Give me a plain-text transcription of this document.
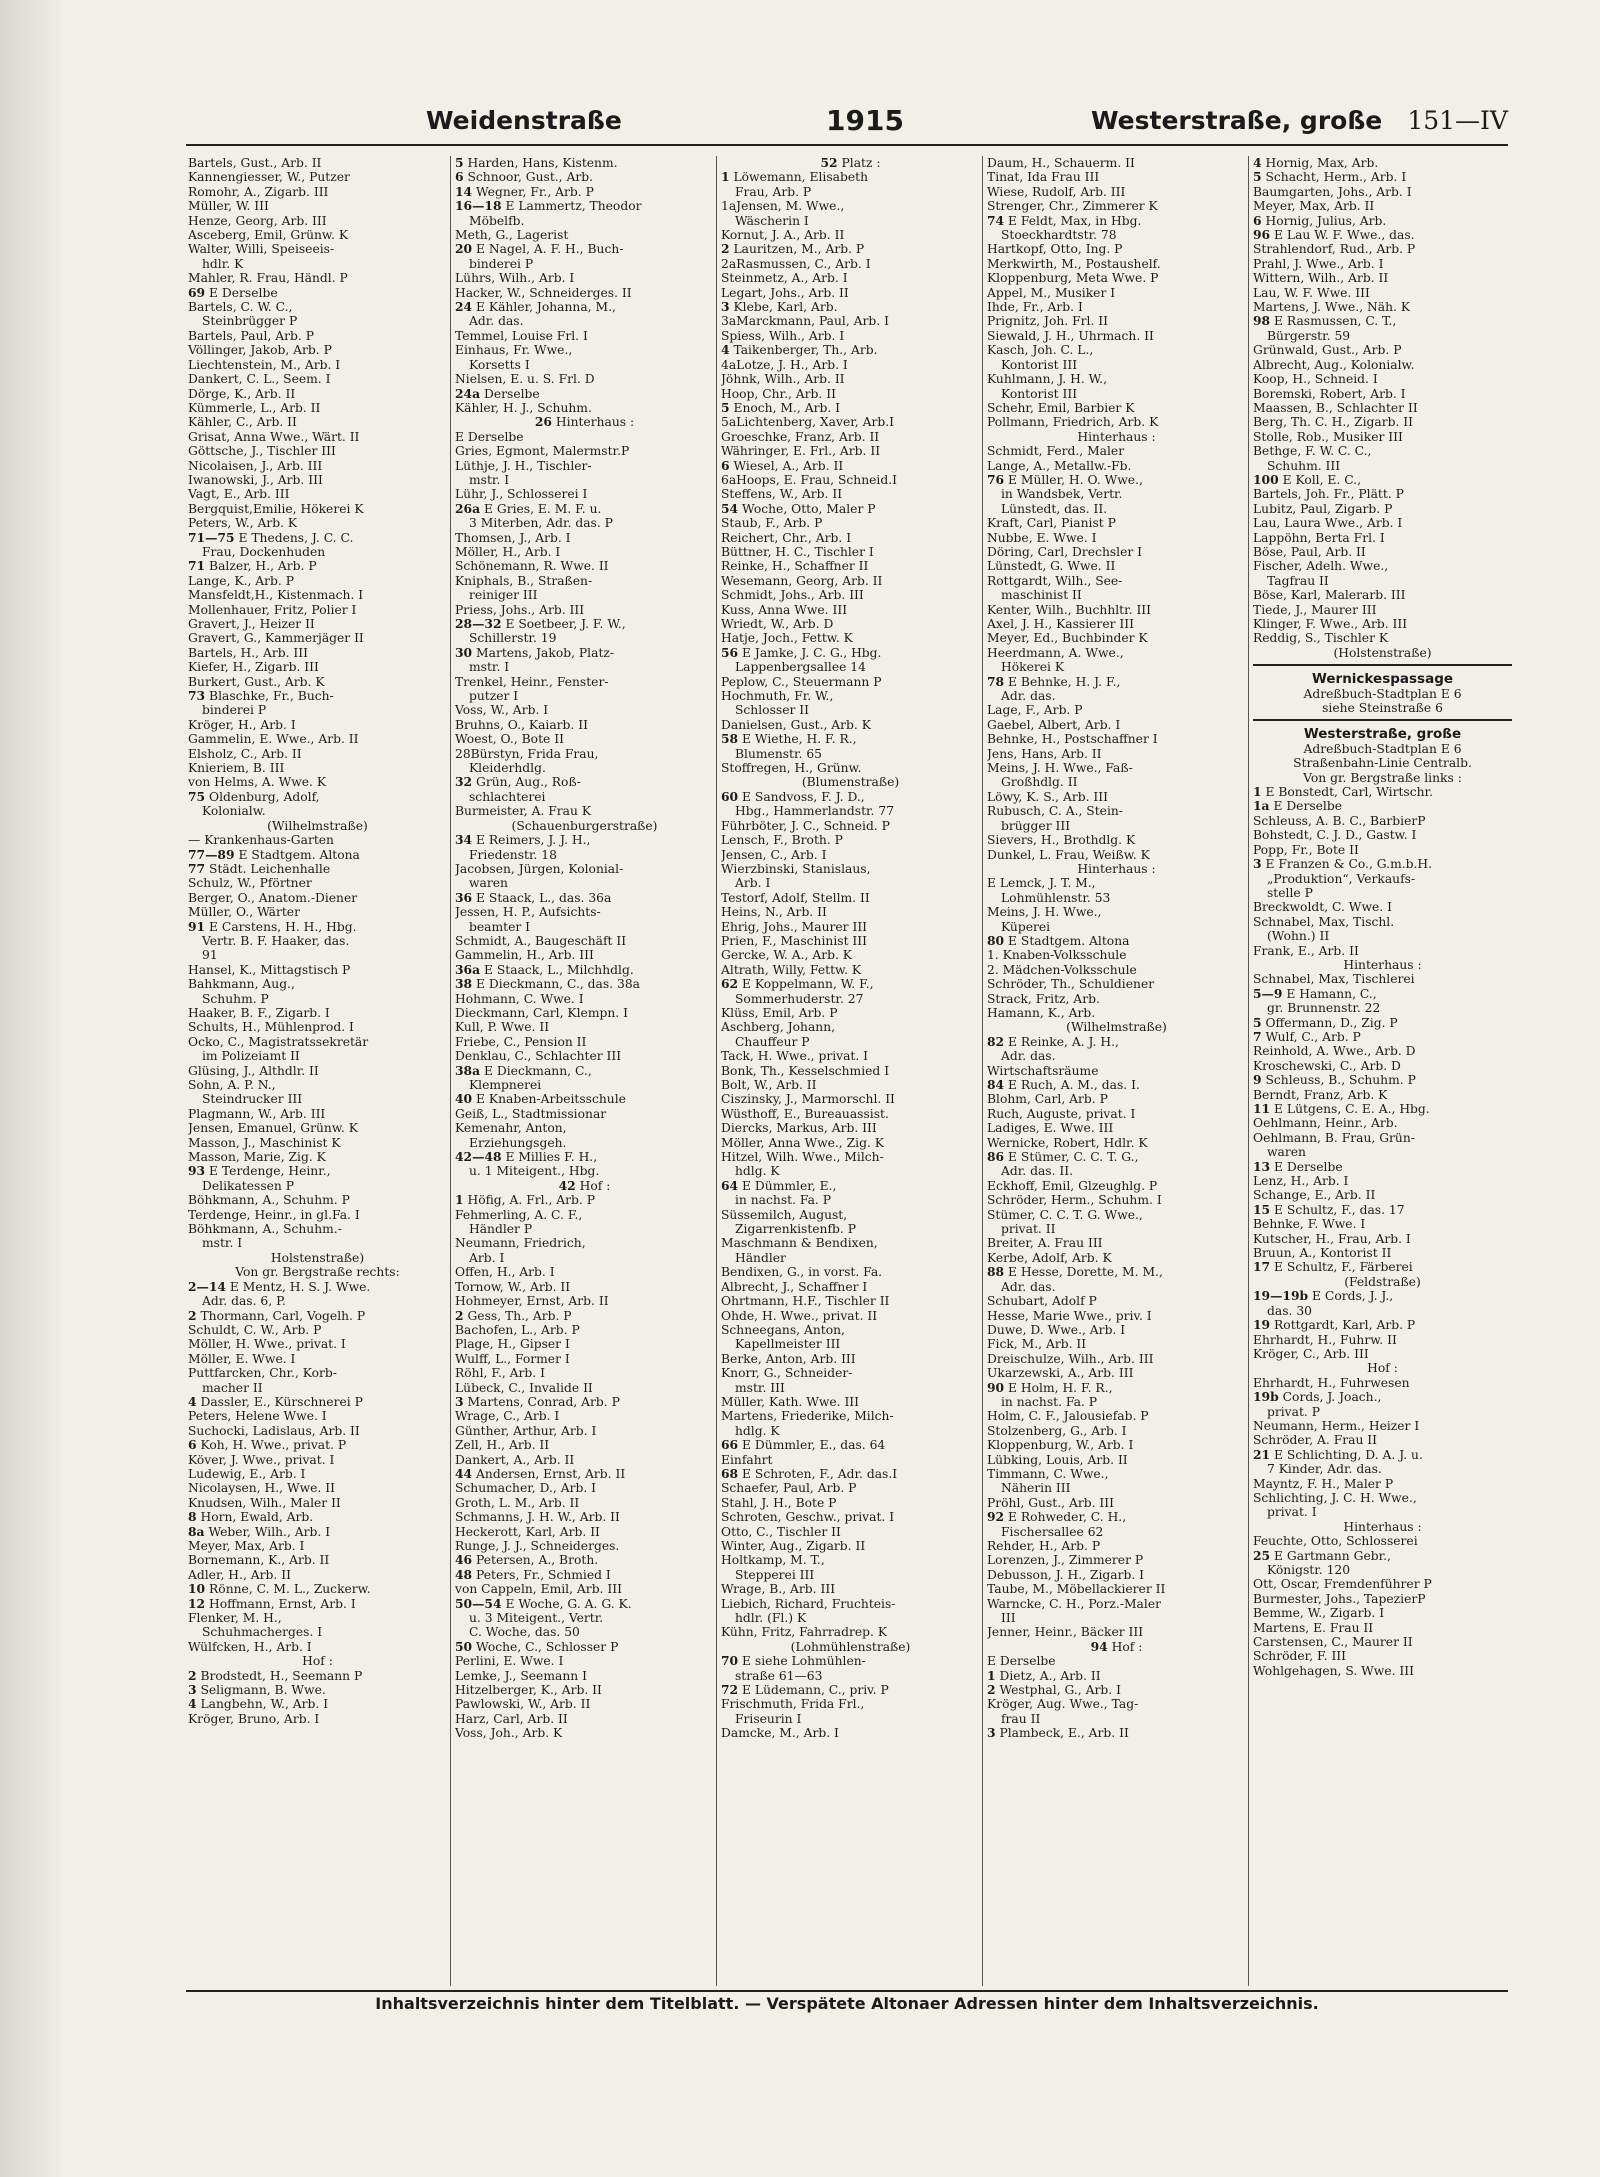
Weidenstraße	1915	Westerstraße, große 151—IV
Bartels, Gust., Arb. II
Kannengiesser, W., Putzer
Romohr, A., Zigarb. III
Müller, W. III
Henze, Georg, Arb. III
Asceberg, Emil, Grünw. K
Walter, Willi, Speiseeis-
hdlr. K
Mahler, R. Frau, Händl. P
69 E Derselbe
Bartels, C. W. C.,
Steinbrügger P
Bartels, Paul, Arb. P
Völlinger, Jakob, Arb. P
Liechtenstein, M., Arb. I
Dankert, C. L., Seem. I
Dörge, K., Arb. II
Kümmerle, L., Arb. II
Kähler, C., Arb. II
Grisat, Anna Wwe., Wärt. II
Göttsche, J., Tischler III
Nicolaisen, J., Arb. III
Iwanowski, J., Arb. III
Vagt, E., Arb. III
Bergquist,Emilie, Hökerei K
Peters, W., Arb. K
71—75 E Thedens, J. C. C.
Frau, Dockenhuden
71 Balzer, H., Arb. P
Lange, K., Arb. P
Mansfeldt,H., Kistenmach. I
Mollenhauer, Fritz, Polier I
Gravert, J., Heizer II
Gravert, G., Kammerjäger II
Bartels, H., Arb. III
Kiefer, H., Zigarb. III
Burkert, Gust., Arb. K
73 Blaschke, Fr., Buch-
binderei P
Kröger, H., Arb. I
Gammelin, E. Wwe., Arb. II
Elsholz, C., Arb. II
Knieriem, B. III
von Helms, A. Wwe. K
75 Oldenburg, Adolf,
Kolonialw.
(Wilhelmstraße)
— Krankenhaus-Garten
77—89 E Stadtgem. Altona
77 Städt. Leichenhalle
Schulz, W., Pförtner
Berger, O., Anatom.-Diener
Müller, O., Wärter
91 E Carstens, H. H., Hbg.
Vertr. B. F. Haaker, das.
91
Hansel, K., Mittagstisch P
Bahkmann, Aug.,
Schuhm. P
Haaker, B. F., Zigarb. I
Schults, H., Mühlenprod. I
Ocko, C., Magistratssekretär
im Polizeiamt II
Glüsing, J., Althdlr. II
Sohn, A. P. N.,
Steindrucker III
Plagmann, W., Arb. III
Jensen, Emanuel, Grünw. K
Masson, J., Maschinist K
Masson, Marie, Zig. K
93 E Terdenge, Heinr.,
Delikatessen P
Böhkmann, A., Schuhm. P
Terdenge, Heinr., in gl.Fa. I
Böhkmann, A., Schuhm.-
mstr. I
Holstenstraße)
Von gr. Bergstraße rechts:
2—14 E Mentz, H. S. J. Wwe.
Adr. das. 6, P.
2 Thormann, Carl, Vogelh. P
Schuldt, C. W., Arb. P
Möller, H. Wwe., privat. I
Möller, E. Wwe. I
Puttfarcken, Chr., Korb-
macher II
4 Dassler, E., Kürschnerei P
Peters, Helene Wwe. I
Suchocki, Ladislaus, Arb. II
6 Koh, H. Wwe., privat. P
Köver, J. Wwe., privat. I
Ludewig, E., Arb. I
Nicolaysen, H., Wwe. II
Knudsen, Wilh., Maler II
8 Horn, Ewald, Arb.
8a Weber, Wilh., Arb. I
Meyer, Max, Arb. I
Bornemann, K., Arb. II
Adler, H., Arb. II
10 Rönne, C. M. L., Zuckerw.
12 Hoffmann, Ernst, Arb. I
Flenker, M. H.,
Schuhmacherges. I
Wülfcken, H., Arb. I
Hof :
2 Brodstedt, H., Seemann P
3 Seligmann, B. Wwe.
4 Langbehn, W., Arb. I
Kröger, Bruno, Arb. I
5 Harden, Hans, Kistenm.
6 Schnoor, Gust., Arb.
14 Wegner, Fr., Arb. P
16—18 E Lammertz, Theodor
Möbelfb.
Meth, G., Lagerist
20 E Nagel, A. F. H., Buch-
binderei P
Lührs, Wilh., Arb. I
Hacker, W., Schneiderges. II
24 E Kähler, Johanna, M.,
Adr. das.
Temmel, Louise Frl. I
Einhaus, Fr. Wwe.,
Korsetts I
Nielsen, E. u. S. Frl. D
24a Derselbe
Kähler, H. J., Schuhm.
26 Hinterhaus :
E Derselbe
Gries, Egmont, Malermstr.P
Lüthje, J. H., Tischler-
mstr. I
Lühr, J., Schlosserei I
26a E Gries, E. M. F. u.
3 Miterben, Adr. das. P
Thomsen, J., Arb. I
Möller, H., Arb. I
Schönemann, R. Wwe. II
Kniphals, B., Straßen-
reiniger III
Priess, Johs., Arb. III
28—32 E Soetbeer, J. F. W.,
Schillerstr. 19
30 Martens, Jakob, Platz-
mstr. I
Trenkel, Heinr., Fenster-
putzer I
Voss, W., Arb. I
Bruhns, O., Kaiarb. II
Woest, O., Bote II
28Bürstyn, Frida Frau,
Kleiderhdlg.
32 Grün, Aug., Roß-
schlachterei
Burmeister, A. Frau K
(Schauenburgerstraße)
34 E Reimers, J. J. H.,
Friedenstr. 18
Jacobsen, Jürgen, Kolonial-
waren
36 E Staack, L., das. 36a
Jessen, H. P., Aufsichts-
beamter I
Schmidt, A., Baugeschäft II
Gammelin, H., Arb. III
36a E Staack, L., Milchhdlg.
38 E Dieckmann, C., das. 38a
Hohmann, C. Wwe. I
Dieckmann, Carl, Klempn. I
Kull, P. Wwe. II
Friebe, C., Pension II
Denklau, C., Schlachter III
38a E Dieckmann, C.,
Klempnerei
40 E Knaben-Arbeitsschule
Geiß, L., Stadtmissionar
Kemenahr, Anton,
Erziehungsgeh.
42—48 E Millies F. H.,
u. 1 Miteigent., Hbg.
42 Hof :
1 Höfig, A. Frl., Arb. P
Fehmerling, A. C. F.,
Händler P
Neumann, Friedrich,
Arb. I
Offen, H., Arb. I
Tornow, W., Arb. II
Hohmeyer, Ernst, Arb. II
2 Gess, Th., Arb. P
Bachofen, L., Arb. P
Plage, H., Gipser I
Wulff, L., Former I
Röhl, F., Arb. I
Lübeck, C., Invalide II
3 Martens, Conrad, Arb. P
Wrage, C., Arb. I
Günther, Arthur, Arb. I
Zell, H., Arb. II
Dankert, A., Arb. II
44 Andersen, Ernst, Arb. II
Schumacher, D., Arb. I
Groth, L. M., Arb. II
Schmanns, J. H. W., Arb. II
Heckerott, Karl, Arb. II
Runge, J. J., Schneiderges.
46 Petersen, A., Broth.
48 Peters, Fr., Schmied I
von Cappeln, Emil, Arb. III
50—54 E Woche, G. A. G. K.
u. 3 Miteigent., Vertr.
C. Woche, das. 50
50 Woche, C., Schlosser P
Perlini, E. Wwe. I
Lemke, J., Seemann I
Hitzelberger, K., Arb. II
Pawlowski, W., Arb. II
Harz, Carl, Arb. II
Voss, Joh., Arb. K
52 Platz :
1 Löwemann, Elisabeth
Frau, Arb. P
1aJensen, M. Wwe.,
Wäscherin I
Kornut, J. A., Arb. II
2 Lauritzen, M., Arb. P
2aRasmussen, C., Arb. I
Steinmetz, A., Arb. I
Legart, Johs., Arb. II
3 Klebe, Karl, Arb.
3aMarckmann, Paul, Arb. I
Spiess, Wilh., Arb. I
4 Taikenberger, Th., Arb.
4aLotze, J. H., Arb. I
Jöhnk, Wilh., Arb. II
Hoop, Chr., Arb. II
5 Enoch, M., Arb. I
5aLichtenberg, Xaver, Arb.I
Groeschke, Franz, Arb. II
Währinger, E. Frl., Arb. II
6 Wiesel, A., Arb. II
6aHoops, E. Frau, Schneid.I
Steffens, W., Arb. II
54 Woche, Otto, Maler P
Staub, F., Arb. P
Reichert, Chr., Arb. I
Büttner, H. C., Tischler I
Reinke, H., Schaffner II
Wesemann, Georg, Arb. II
Schmidt, Johs., Arb. III
Kuss, Anna Wwe. III
Wriedt, W., Arb. D
Hatje, Joch., Fettw. K
56 E Jamke, J. C. G., Hbg.
Lappenbergsallee 14
Peplow, C., Steuermann P
Hochmuth, Fr. W.,
Schlosser II
Danielsen, Gust., Arb. K
58 E Wiethe, H. F. R.,
Blumenstr. 65
Stoffregen, H., Grünw.
(Blumenstraße)
60 E Sandvoss, F. J. D.,
Hbg., Hammerlandstr. 77
Führböter, J. C., Schneid. P
Lensch, F., Broth. P
Jensen, C., Arb. I
Wierzbinski, Stanislaus,
Arb. I
Testorf, Adolf, Stellm. II
Heins, N., Arb. II
Ehrig, Johs., Maurer III
Prien, F., Maschinist III
Gercke, W. A., Arb. K
Altrath, Willy, Fettw. K
62 E Koppelmann, W. F.,
Sommerhuderstr. 27
Klüss, Emil, Arb. P
Aschberg, Johann,
Chauffeur P
Tack, H. Wwe., privat. I
Bonk, Th., Kesselschmied I
Bolt, W., Arb. II
Ciszinsky, J., Marmorschl. II
Wüsthoff, E., Bureauassist.
Diercks, Markus, Arb. III
Möller, Anna Wwe., Zig. K
Hitzel, Wilh. Wwe., Milch-
hdlg. K
64 E Dümmler, E.,
in nachst. Fa. P
Süssemilch, August,
Zigarrenkistenfb. P
Maschmann & Bendixen,
Händler
Bendixen, G., in vorst. Fa.
Albrecht, J., Schaffner I
Ohrtmann, H.F., Tischler II
Ohde, H. Wwe., privat. II
Schneegans, Anton,
Kapellmeister III
Berke, Anton, Arb. III
Knorr, G., Schneider-
mstr. III
Müller, Kath. Wwe. III
Martens, Friederike, Milch-
hdlg. K
66 E Dümmler, E., das. 64
Einfahrt
68 E Schroten, F., Adr. das.I
Schaefer, Paul, Arb. P
Stahl, J. H., Bote P
Schroten, Geschw., privat. I
Otto, C., Tischler II
Winter, Aug., Zigarb. II
Holtkamp, M. T.,
Stepperei III
Wrage, B., Arb. III
Liebich, Richard, Fruchteis-
hdlr. (Fl.) K
Kühn, Fritz, Fahrradrep. K
(Lohmühlenstraße)
70 E siehe Lohmühlen-
straße 61—63
72 E Lüdemann, C., priv. P
Frischmuth, Frida Frl.,
Friseurin I
Damcke, M., Arb. I
Daum, H., Schauerm. II
Tinat, Ida Frau III
Wiese, Rudolf, Arb. III
Strenger, Chr., Zimmerer K
74 E Feldt, Max, in Hbg.
Stoeckhardtstr. 78
Hartkopf, Otto, Ing. P
Merkwirth, M., Postaushelf.
Kloppenburg, Meta Wwe. P
Appel, M., Musiker I
Ihde, Fr., Arb. I
Prignitz, Joh. Frl. II
Siewald, J. H., Uhrmach. II
Kasch, Joh. C. L.,
Kontorist III
Kuhlmann, J. H. W.,
Kontorist III
Schehr, Emil, Barbier K
Pollmann, Friedrich, Arb. K
Hinterhaus :
Schmidt, Ferd., Maler
Lange, A., Metallw.-Fb.
76 E Müller, H. O. Wwe.,
in Wandsbek, Vertr.
Lünstedt, das. II.
Kraft, Carl, Pianist P
Nubbe, E. Wwe. I
Döring, Carl, Drechsler I
Lünstedt, G. Wwe. II
Rottgardt, Wilh., See-
maschinist II
Kenter, Wilh., Buchhltr. III
Axel, J. H., Kassierer III
Meyer, Ed., Buchbinder K
Heerdmann, A. Wwe.,
Hökerei K
78 E Behnke, H. J. F.,
Adr. das.
Lage, F., Arb. P
Gaebel, Albert, Arb. I
Behnke, H., Postschaffner I
Jens, Hans, Arb. II
Meins, J. H. Wwe., Faß-
Großhdlg. II
Löwy, K. S., Arb. III
Rubusch, C. A., Stein-
brügger III
Sievers, H., Brothdlg. K
Dunkel, L. Frau, Weißw. K
Hinterhaus :
E Lemck, J. T. M.,
Lohmühlenstr. 53
Meins, J. H. Wwe.,
Küperei
80 E Stadtgem. Altona
1. Knaben-Volksschule
2. Mädchen-Volksschule
Schröder, Th., Schuldiener
Strack, Fritz, Arb.
Hamann, K., Arb.
(Wilhelmstraße)
82 E Reinke, A. J. H.,
Adr. das.
Wirtschaftsräume
84 E Ruch, A. M., das. I.
Blohm, Carl, Arb. P
Ruch, Auguste, privat. I
Ladiges, E. Wwe. III
Wernicke, Robert, Hdlr. K
86 E Stümer, C. C. T. G.,
Adr. das. II.
Eckhoff, Emil, Glzeughlg. P
Schröder, Herm., Schuhm. I
Stümer, C. C. T. G. Wwe.,
privat. II
Breiter, A. Frau III
Kerbe, Adolf, Arb. K
88 E Hesse, Dorette, M. M.,
Adr. das.
Schubart, Adolf P
Hesse, Marie Wwe., priv. I
Duwe, D. Wwe., Arb. I
Fick, M., Arb. II
Dreischulze, Wilh., Arb. III
Ukarzewski, A., Arb. III
90 E Holm, H. F. R.,
in nachst. Fa. P
Holm, C. F., Jalousiefab. P
Stolzenberg, G., Arb. I
Kloppenburg, W., Arb. I
Lübking, Louis, Arb. II
Timmann, C. Wwe.,
Näherin III
Pröhl, Gust., Arb. III
92 E Rohweder, C. H.,
Fischersallee 62
Rehder, H., Arb. P
Lorenzen, J., Zimmerer P
Debusson, J. H., Zigarb. I
Taube, M., Möbellackierer II
Warncke, C. H., Porz.-Maler
III
Jenner, Heinr., Bäcker III
94 Hof :
E Derselbe
1 Dietz, A., Arb. II
2 Westphal, G., Arb. I
Kröger, Aug. Wwe., Tag-
frau II
3 Plambeck, E., Arb. II
4 Hornig, Max, Arb.
5 Schacht, Herm., Arb. I
Baumgarten, Johs., Arb. I
Meyer, Max, Arb. II
6 Hornig, Julius, Arb.
96 E Lau W. F. Wwe., das.
Strahlendorf, Rud., Arb. P
Prahl, J. Wwe., Arb. I
Wittern, Wilh., Arb. II
Lau, W. F. Wwe. III
Martens, J. Wwe., Näh. K
98 E Rasmussen, C. T.,
Bürgerstr. 59
Grünwald, Gust., Arb. P
Albrecht, Aug., Kolonialw.
Koop, H., Schneid. I
Boremski, Robert, Arb. I
Maassen, B., Schlachter II
Berg, Th. C. H., Zigarb. II
Stolle, Rob., Musiker III
Bethge, F. W. C. C.,
Schuhm. III
100 E Koll, E. C.,
Bartels, Joh. Fr., Plätt. P
Lubitz, Paul, Zigarb. P
Lau, Laura Wwe., Arb. I
Lappöhn, Berta Frl. I
Böse, Paul, Arb. II
Fischer, Adelh. Wwe.,
Tagfrau II
Böse, Karl, Malerarb. III
Tiede, J., Maurer III
Klinger, F. Wwe., Arb. III
Reddig, S., Tischler K
(Holstenstraße)
Wernickespassage
Adreßbuch-Stadtplan E 6
siehe Steinstraße 6
Westerstraße, große
Adreßbuch-Stadtplan E 6
Straßenbahn-Linie Centralb.
Von gr. Bergstraße links :
1 E Bonstedt, Carl, Wirtschr.
1a E Derselbe
Schleuss, A. B. C., BarbierP
Bohstedt, C. J. D., Gastw. I
Popp, Fr., Bote II
3 E Franzen & Co., G.m.b.H.
„Produktion“, Verkaufs-
stelle P
Breckwoldt, C. Wwe. I
Schnabel, Max, Tischl.
(Wohn.) II
Frank, E., Arb. II
Hinterhaus :
Schnabel, Max, Tischlerei
5—9 E Hamann, C.,
gr. Brunnenstr. 22
5 Offermann, D., Zig. P
7 Wulf, C., Arb. P
Reinhold, A. Wwe., Arb. D
Kroschewski, C., Arb. D
9 Schleuss, B., Schuhm. P
Berndt, Franz, Arb. K
11 E Lütgens, C. E. A., Hbg.
Oehlmann, Heinr., Arb.
Oehlmann, B. Frau, Grün-
waren
13 E Derselbe
Lenz, H., Arb. I
Schange, E., Arb. II
15 E Schultz, F., das. 17
Behnke, F. Wwe. I
Kutscher, H., Frau, Arb. I
Bruun, A., Kontorist II
17 E Schultz, F., Färberei
(Feldstraße)
19—19b E Cords, J. J.,
das. 30
19 Rottgardt, Karl, Arb. P
Ehrhardt, H., Fuhrw. II
Kröger, C., Arb. III
Hof :
Ehrhardt, H., Fuhrwesen
19b Cords, J. Joach.,
privat. P
Neumann, Herm., Heizer I
Schröder, A. Frau II
21 E Schlichting, D. A. J. u.
7 Kinder, Adr. das.
Mayntz, F. H., Maler P
Schlichting, J. C. H. Wwe.,
privat. I
Hinterhaus :
Feuchte, Otto, Schlosserei
25 E Gartmann Gebr.,
Königstr. 120
Ott, Oscar, Fremdenführer P
Burmester, Johs., TapezierP
Bemme, W., Zigarb. I
Martens, E. Frau II
Carstensen, C., Maurer II
Schröder, F. III
Wohlgehagen, S. Wwe. III
Inhaltsverzeichnis hinter dem Titelblatt. — Verspätete Altonaer Adressen hinter dem Inhaltsverzeichnis.
